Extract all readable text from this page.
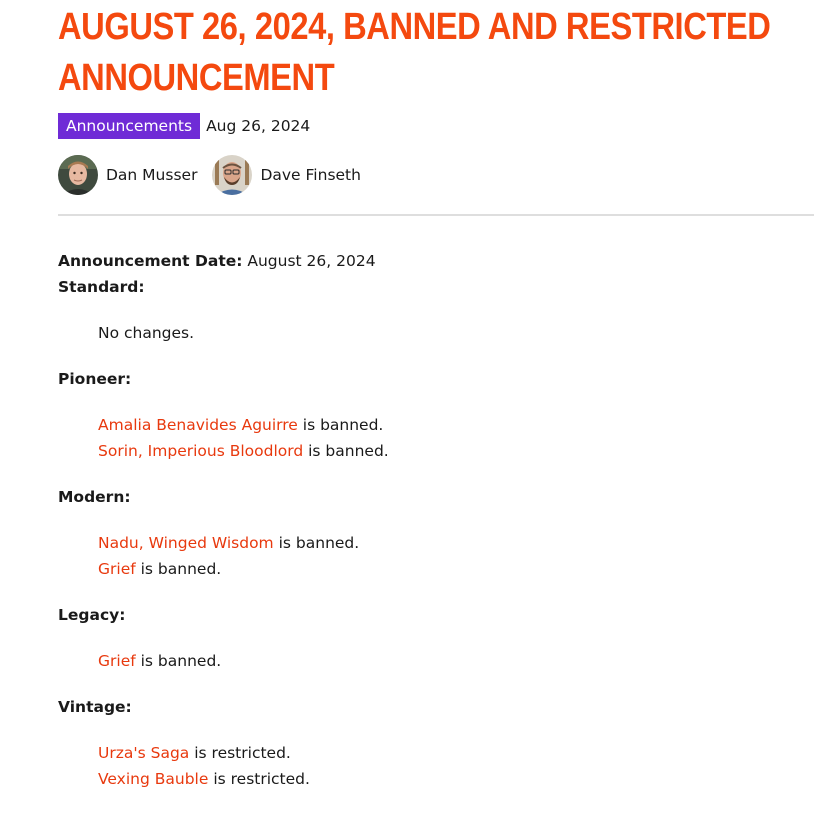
AUGUST 26, 2024, BANNED AND RESTRICTED ANNOUNCEMENT
Announcements Aug 26, 2024
Dan Musser	Dave Finseth

Announcement Date: August 26, 2024

Standard:

No changes.

Pioneer:

Amalia Benavides Aguirre is banned.
Sorin, Imperious Bloodlord is banned.

Modern:

Nadu, Winged Wisdom is banned.
Grief is banned.

Legacy:

Grief is banned.

Vintage:

Urza's Saga is restricted.
Vexing Bauble is restricted.
